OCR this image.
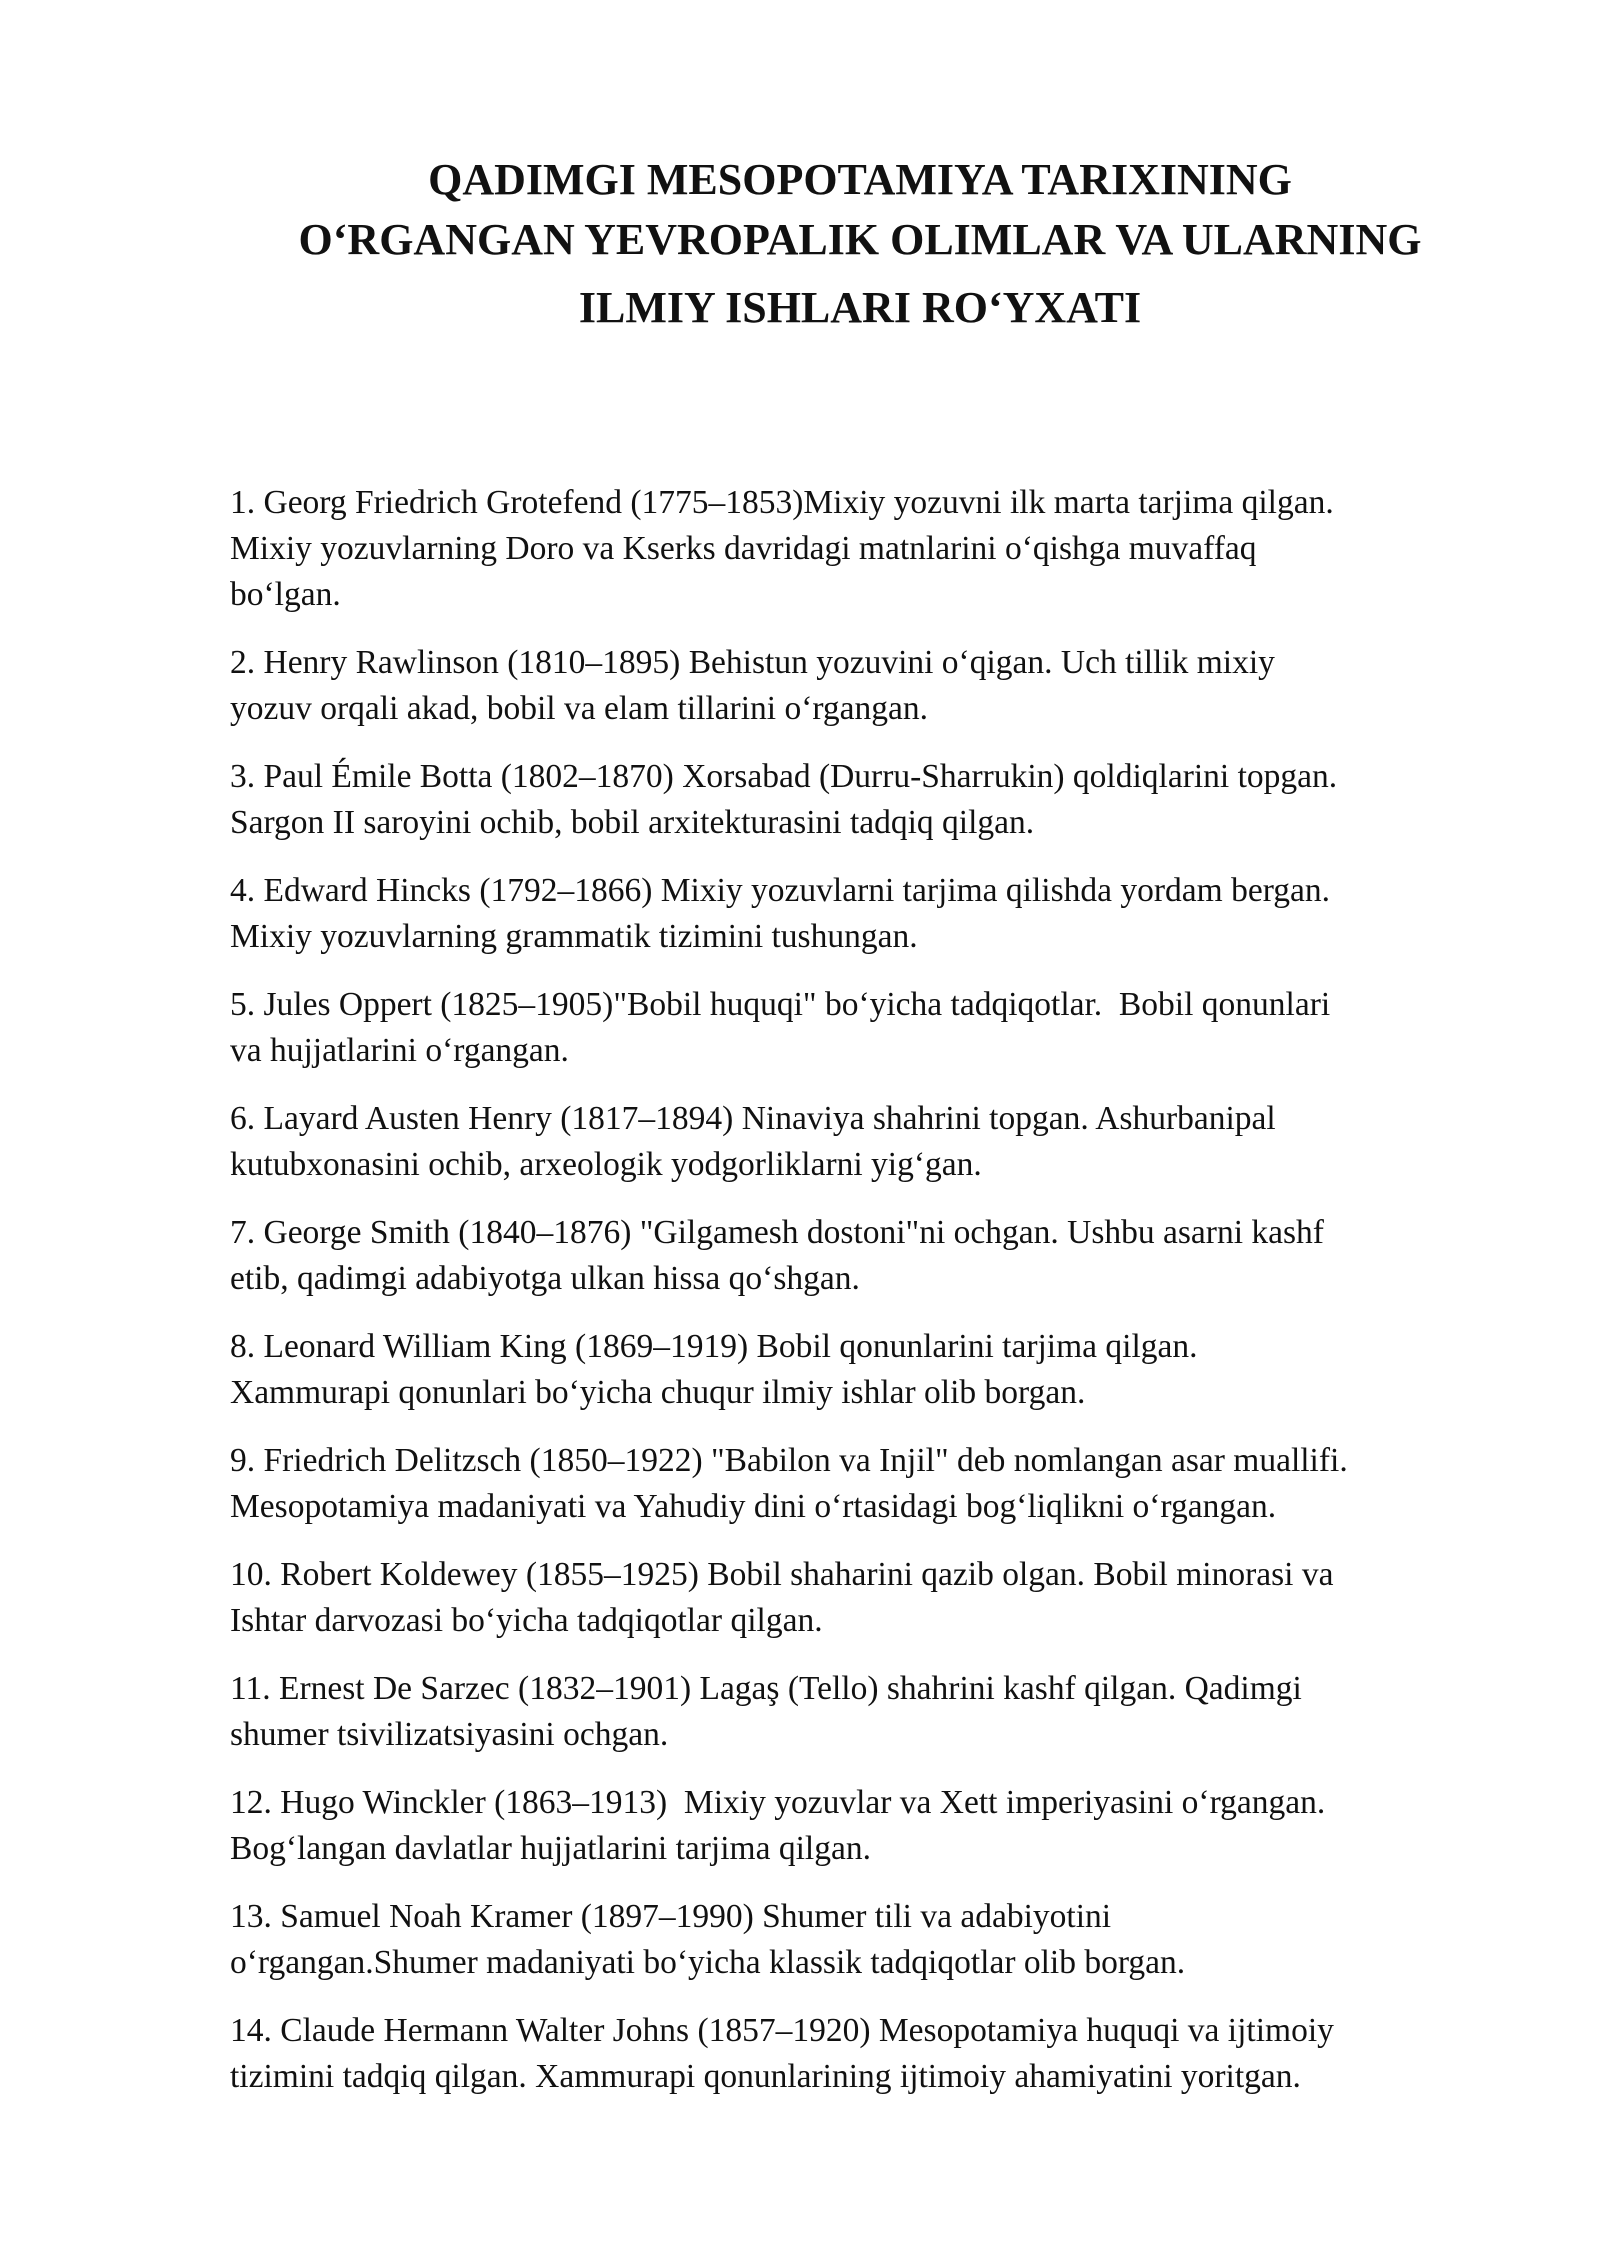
QADIMGI MESOPOTAMIYA TARIXINING
O‘RGANGAN YEVROPALIK OLIMLAR VA ULARNING
ILMIY ISHLARI RO‘YXATI
1. Georg Friedrich Grotefend (1775–1853)Mixiy yozuvni ilk marta tarjima qilgan.
Mixiy yozuvlarning Doro va Kserks davridagi matnlarini o‘qishga muvaffaq
bo‘lgan.
2. Henry Rawlinson (1810–1895) Behistun yozuvini o‘qigan. Uch tillik mixiy
yozuv orqali akad, bobil va elam tillarini o‘rgangan.
3. Paul Émile Botta (1802–1870) Xorsabad (Durru-Sharrukin) qoldiqlarini topgan.
Sargon II saroyini ochib, bobil arxitekturasini tadqiq qilgan.
4. Edward Hincks (1792–1866) Mixiy yozuvlarni tarjima qilishda yordam bergan.
Mixiy yozuvlarning grammatik tizimini tushungan.
5. Jules Oppert (1825–1905)"Bobil huquqi" bo‘yicha tadqiqotlar.  Bobil qonunlari
va hujjatlarini o‘rgangan.
6. Layard Austen Henry (1817–1894) Ninaviya shahrini topgan. Ashurbanipal
kutubxonasini ochib, arxeologik yodgorliklarni yig‘gan.
7. George Smith (1840–1876) "Gilgamesh dostoni"ni ochgan. Ushbu asarni kashf
etib, qadimgi adabiyotga ulkan hissa qo‘shgan.
8. Leonard William King (1869–1919) Bobil qonunlarini tarjima qilgan.
Xammurapi qonunlari bo‘yicha chuqur ilmiy ishlar olib borgan.
9. Friedrich Delitzsch (1850–1922) "Babilon va Injil" deb nomlangan asar muallifi.
Mesopotamiya madaniyati va Yahudiy dini o‘rtasidagi bog‘liqlikni o‘rgangan.
10. Robert Koldewey (1855–1925) Bobil shaharini qazib olgan. Bobil minorasi va
Ishtar darvozasi bo‘yicha tadqiqotlar qilgan.
11. Ernest De Sarzec (1832–1901) Lagaş (Tello) shahrini kashf qilgan. Qadimgi
shumer tsivilizatsiyasini ochgan.
12. Hugo Winckler (1863–1913)  Mixiy yozuvlar va Xett imperiyasini o‘rgangan.
Bog‘langan davlatlar hujjatlarini tarjima qilgan.
13. Samuel Noah Kramer (1897–1990) Shumer tili va adabiyotini
o‘rgangan.Shumer madaniyati bo‘yicha klassik tadqiqotlar olib borgan.
14. Claude Hermann Walter Johns (1857–1920) Mesopotamiya huquqi va ijtimoiy
tizimini tadqiq qilgan. Xammurapi qonunlarining ijtimoiy ahamiyatini yoritgan.
